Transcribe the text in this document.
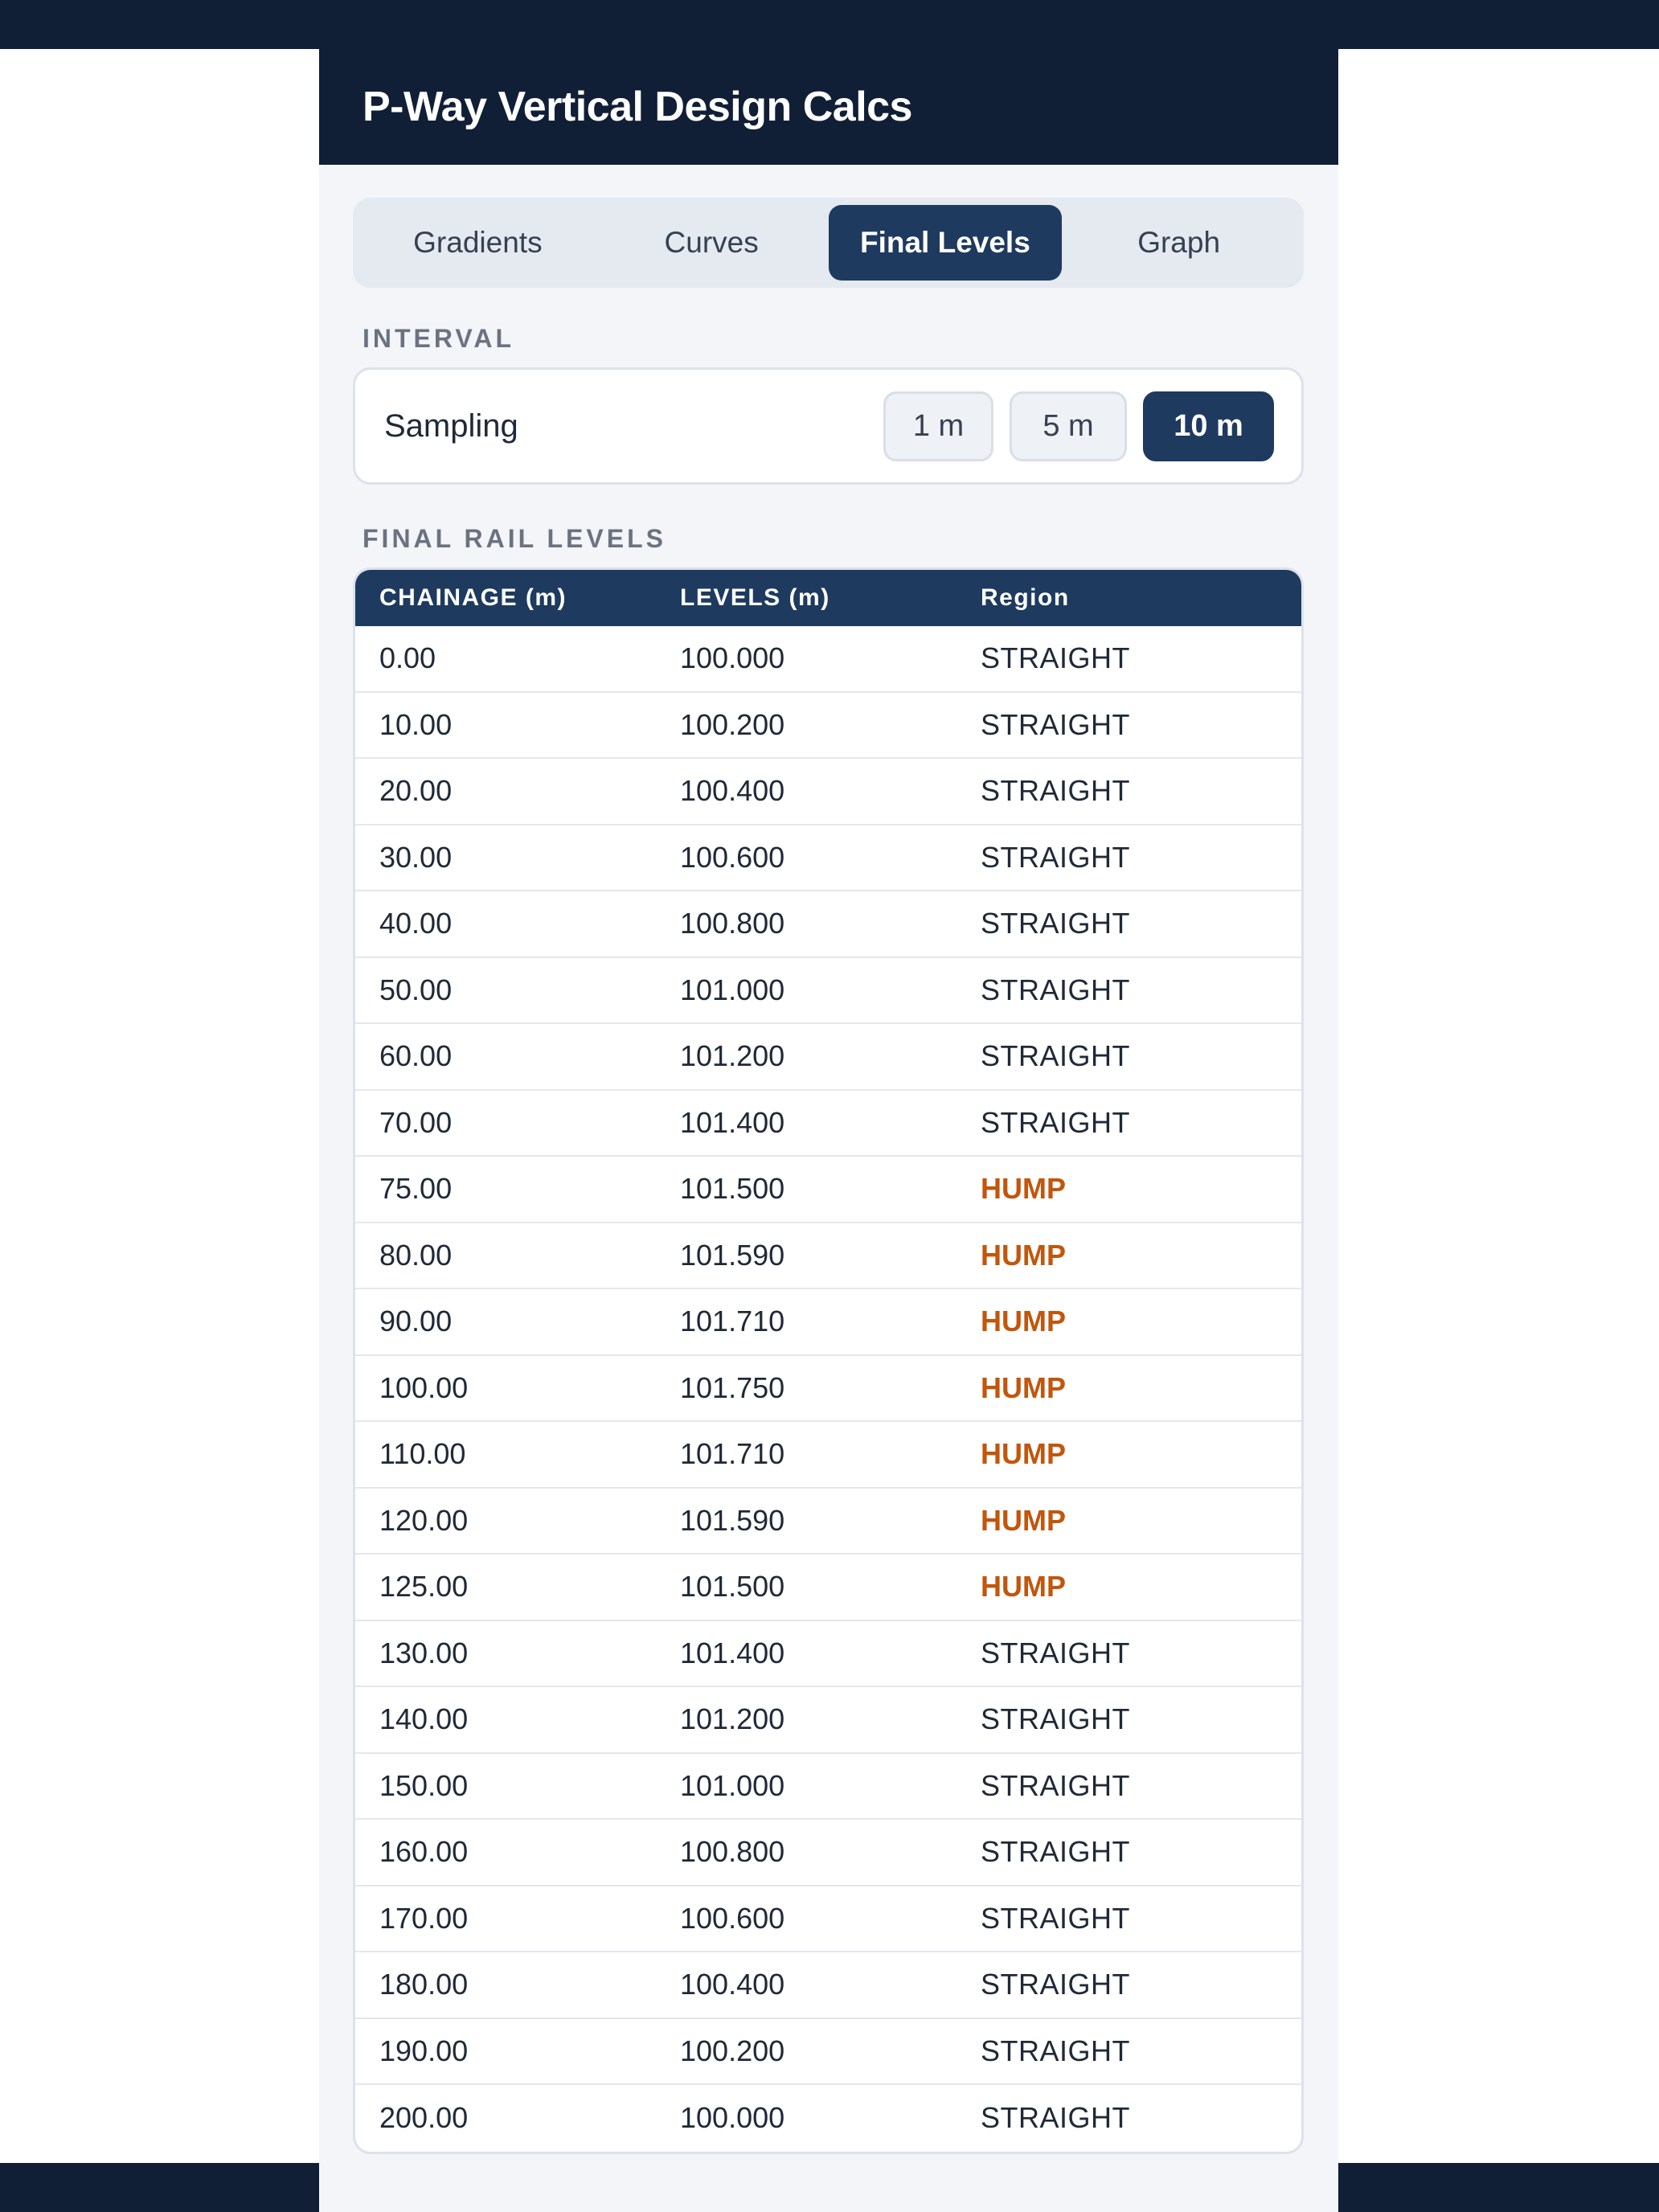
P-Way Vertical Design Calcs
Gradients	Curves	Final Levels	Graph
INTERVAL
Sampling	1 m	5 m	10 m
FINAL RAIL LEVELS
CHAINAGE (m)	LEVELS (m)	Region
0.00	100.000	STRAIGHT
10.00	100.200	STRAIGHT
20.00	100.400	STRAIGHT
30.00	100.600	STRAIGHT
40.00	100.800	STRAIGHT
50.00	101.000	STRAIGHT
60.00	101.200	STRAIGHT
70.00	101.400	STRAIGHT
75.00	101.500	HUMP
80.00	101.590	HUMP
90.00	101.710	HUMP
100.00	101.750	HUMP
110.00	101.710	HUMP
120.00	101.590	HUMP
125.00	101.500	HUMP
130.00	101.400	STRAIGHT
140.00	101.200	STRAIGHT
150.00	101.000	STRAIGHT
160.00	100.800	STRAIGHT
170.00	100.600	STRAIGHT
180.00	100.400	STRAIGHT
190.00	100.200	STRAIGHT
200.00	100.000	STRAIGHT
